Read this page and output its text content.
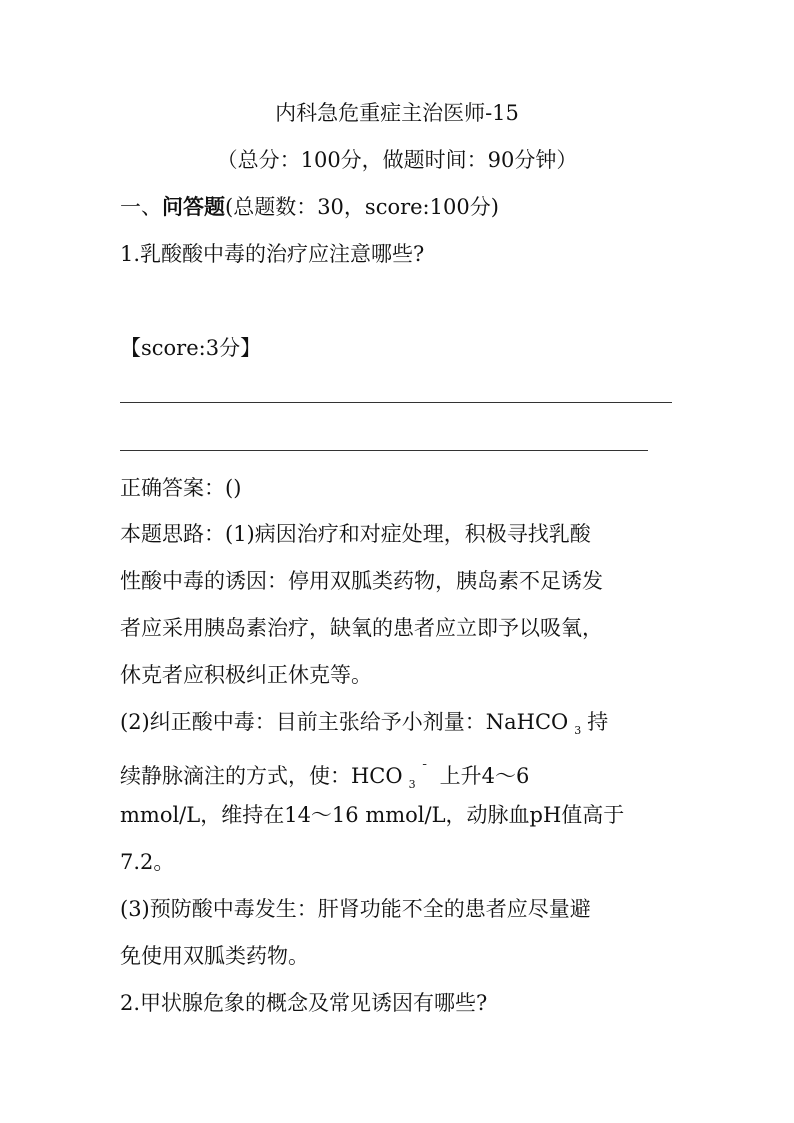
内科急危重症主治医师-15
（总分：100分，做题时间：90分钟）
一、问答题(总题数：30，score:100分)
1.乳酸酸中毒的治疗应注意哪些?
【score:3分】
正确答案：()
本题思路：(1)病因治疗和对症处理，积极寻找乳酸
性酸中毒的诱因：停用双胍类药物，胰岛素不足诱发
者应采用胰岛素治疗，缺氧的患者应立即予以吸氧，
休克者应积极纠正休克等。
(2)纠正酸中毒：目前主张给予小剂量：NaHCO $_3$ 持
续静脉滴注的方式，使：HCO $_3$¯ 上升4～6
mmol/L，维持在14～16 mmol/L，动脉血pH值高于
7.2。
(3)预防酸中毒发生：肝肾功能不全的患者应尽量避
免使用双胍类药物。
2.甲状腺危象的概念及常见诱因有哪些?
